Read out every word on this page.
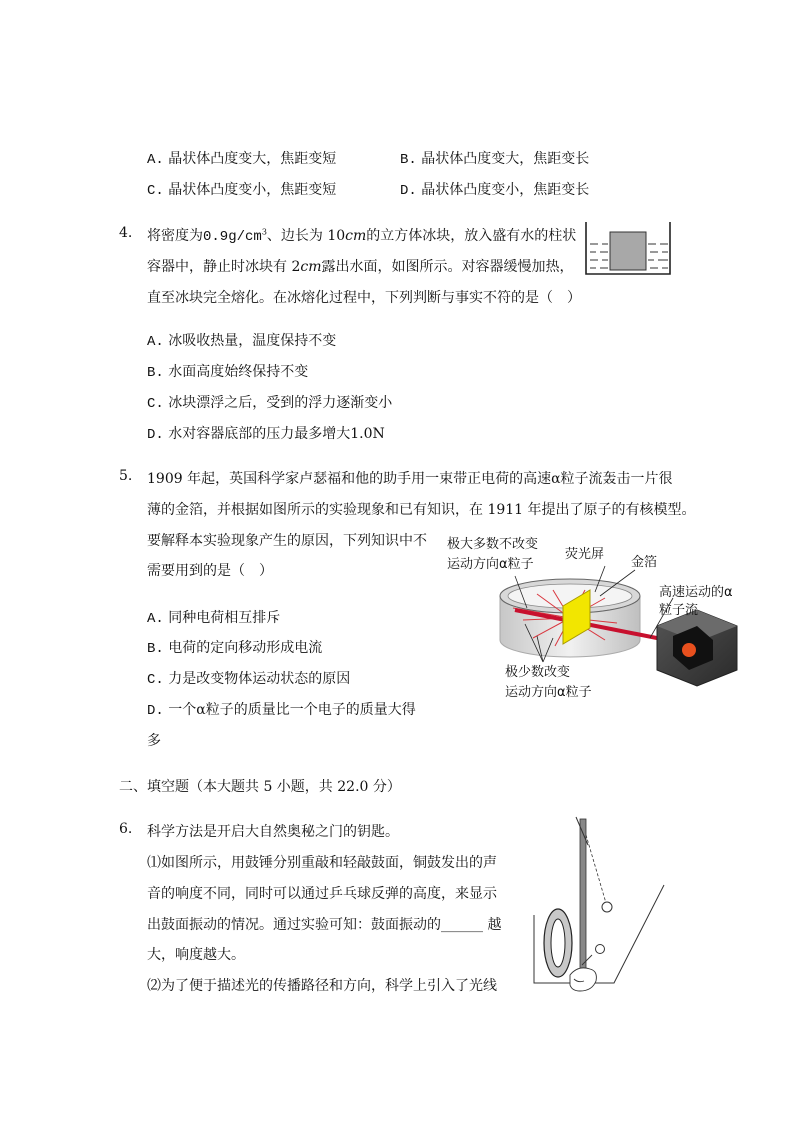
A. 晶状体凸度变大，焦距变短	B. 晶状体凸度变大，焦距变长
C. 晶状体凸度变小，焦距变短	D. 晶状体凸度变小，焦距变长
4. 将密度为$0.9g/cm^3$、边长为 10cm的立方体冰块，放入盛有水的柱状
容器中，静止时冰块有 2cm露出水面，如图所示。对容器缓慢加热，
直至冰块完全熔化。在冰熔化过程中，下列判断与事实不符的是（　）
A. 冰吸收热量，温度保持不变
B. 水面高度始终保持不变
C. 冰块漂浮之后，受到的浮力逐渐变小
D. 水对容器底部的压力最多增大1.0N
5. 1909 年起，英国科学家卢瑟福和他的助手用一束带正电荷的高速α粒子流轰击一片很
薄的金箔，并根据如图所示的实验现象和已有知识，在 1911 年提出了原子的有核模型。
要解释本实验现象产生的原因，下列知识中不
需要用到的是（　）
A. 同种电荷相互排斥
B. 电荷的定向移动形成电流
C. 力是改变物体运动状态的原因
D. 一个α粒子的质量比一个电子的质量大得
多
极大多数不改变
运动方向α粒子
荧光屏
金箔
高速运动的α
粒子流
极少数改变
运动方向α粒子
二、填空题（本大题共 5 小题，共 22.0 分）
6. 科学方法是开启大自然奥秘之门的钥匙。
⑴如图所示，用鼓锤分别重敲和轻敲鼓面，铜鼓发出的声
音的响度不同，同时可以通过乒乓球反弹的高度，来显示
出鼓面振动的情况。通过实验可知：鼓面振动的______ 越
大，响度越大。
⑵为了便于描述光的传播路径和方向，科学上引入了光线
